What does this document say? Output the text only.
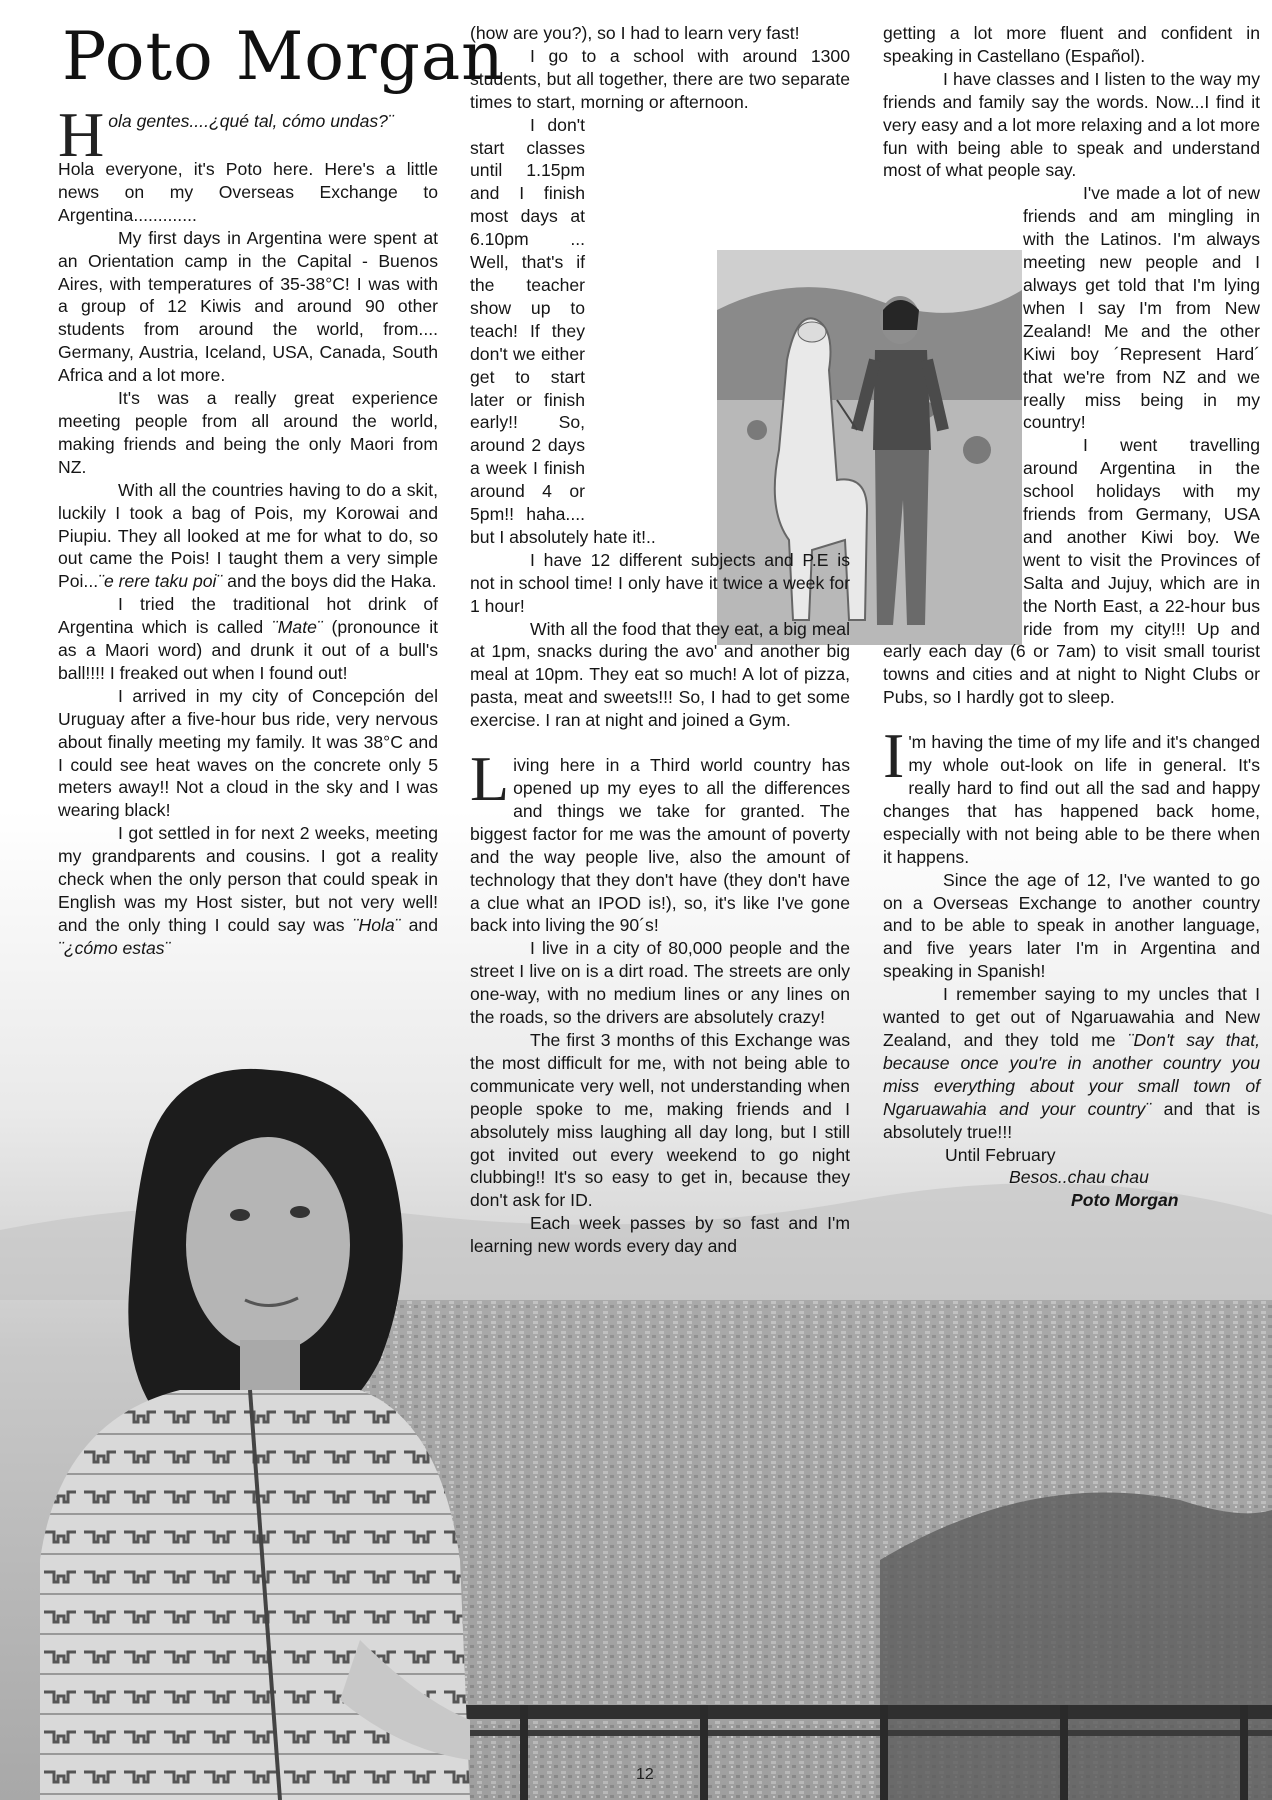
Poto Morgan

Hola gentes....¿qué tal, cómo undas?¨

Hola everyone, it's Poto here. Here's a little news on my Overseas Exchange to Argentina.............

My first days in Argentina were spent at an Orientation camp in the Capital - Buenos Aires, with temperatures of 35-38°C! I was with a group of 12 Kiwis and around 90 other students from around the world, from.... Germany, Austria, Iceland, USA, Canada, South Africa and a lot more.

It's was a really great experience meeting people from all around the world, making friends and being the only Maori from NZ.

With all the countries having to do a skit, luckily I took a bag of Pois, my Korowai and Piupiu. They all looked at me for what to do, so out came the Pois! I taught them a very simple Poi...¨e rere taku poi¨ and the boys did the Haka.

I tried the traditional hot drink of Argentina which is called ¨Mate¨ (pronounce it as a Maori word) and drunk it out of a bull's ball!!!! I freaked out when I found out!

I arrived in my city of Concepción del Uruguay after a five-hour bus ride, very nervous about finally meeting my family. It was 38°C and I could see heat waves on the concrete only 5 meters away!! Not a cloud in the sky and I was wearing black!

I got settled in for next 2 weeks, meeting my grandparents and cousins. I got a reality check when the only person that could speak in English was my Host sister, but not very well! and the only thing I could say was ¨Hola¨ and ¨¿cómo estas¨

(how are you?), so I had to learn very fast!

I go to a school with around 1300 students, but all together, there are two separate times to start, morning or afternoon.

I don't start classes until 1.15pm and I finish most days at 6.10pm ... Well, that's if the teacher show up to teach! If they don't we either get to start later or finish early!! So, around 2 days a week I finish around 4 or 5pm!! haha.... but I absolutely hate it!..

I have 12 different subjects and P.E is not in school time! I only have it twice a week for 1 hour!

With all the food that they eat, a big meal at 1pm, snacks during the avo' and another big meal at 10pm. They eat so much! A lot of pizza, pasta, meat and sweets!!! So, I had to get some exercise. I ran at night and joined a Gym.

Living here in a Third world country has opened up my eyes to all the differences and things we take for granted. The biggest factor for me was the amount of poverty and the way people live, also the amount of technology that they don't have (they don't have a clue what an IPOD is!), so, it's like I've gone back into living the 90´s!

I live in a city of 80,000 people and the street I live on is a dirt road. The streets are only one-way, with no medium lines or any lines on the roads, so the drivers are absolutely crazy!

The first 3 months of this Exchange was the most difficult for me, with not being able to communicate very well, not understanding when people spoke to me, making friends and I absolutely miss laughing all day long, but I still got invited out every weekend to go night clubbing!! It's so easy to get in, because they don't ask for ID.

Each week passes by so fast and I'm learning new words every day and

getting a lot more fluent and confident in speaking in Castellano (Español).

I have classes and I listen to the way my friends and family say the words. Now...I find it very easy and a lot more relaxing and a lot more fun with being able to speak and understand most of what people say.

I've made a lot of new friends and am mingling in with the Latinos. I'm always meeting new people and I always get told that I'm lying when I say I'm from New Zealand! Me and the other Kiwi boy ´Represent Hard´ that we're from NZ and we really miss being in my country!

I went travelling around Argentina in the school holidays with my friends from Germany, USA and another Kiwi boy. We went to visit the Provinces of Salta and Jujuy, which are in the North East, a 22-hour bus ride from my city!!! Up and early each day (6 or 7am) to visit small tourist towns and cities and at night to Night Clubs or Pubs, so I hardly got to sleep.

I 'm having the time of my life and it's changed my whole out-look on life in general. It's really hard to find out all the sad and happy changes that has happened back home, especially with not being able to be there when it happens.

Since the age of 12, I've wanted to go on a Overseas Exchange to another country and to be able to speak in another language, and five years later I'm in Argentina and speaking in Spanish!

I remember saying to my uncles that I wanted to get out of Ngaruawahia and New Zealand, and they told me ¨Don't say that, because once you're in another country you miss everything about your small town of Ngaruawahia and your country¨ and that is absolutely true!!!

Until February

Besos..chau chau

Poto Morgan

12
